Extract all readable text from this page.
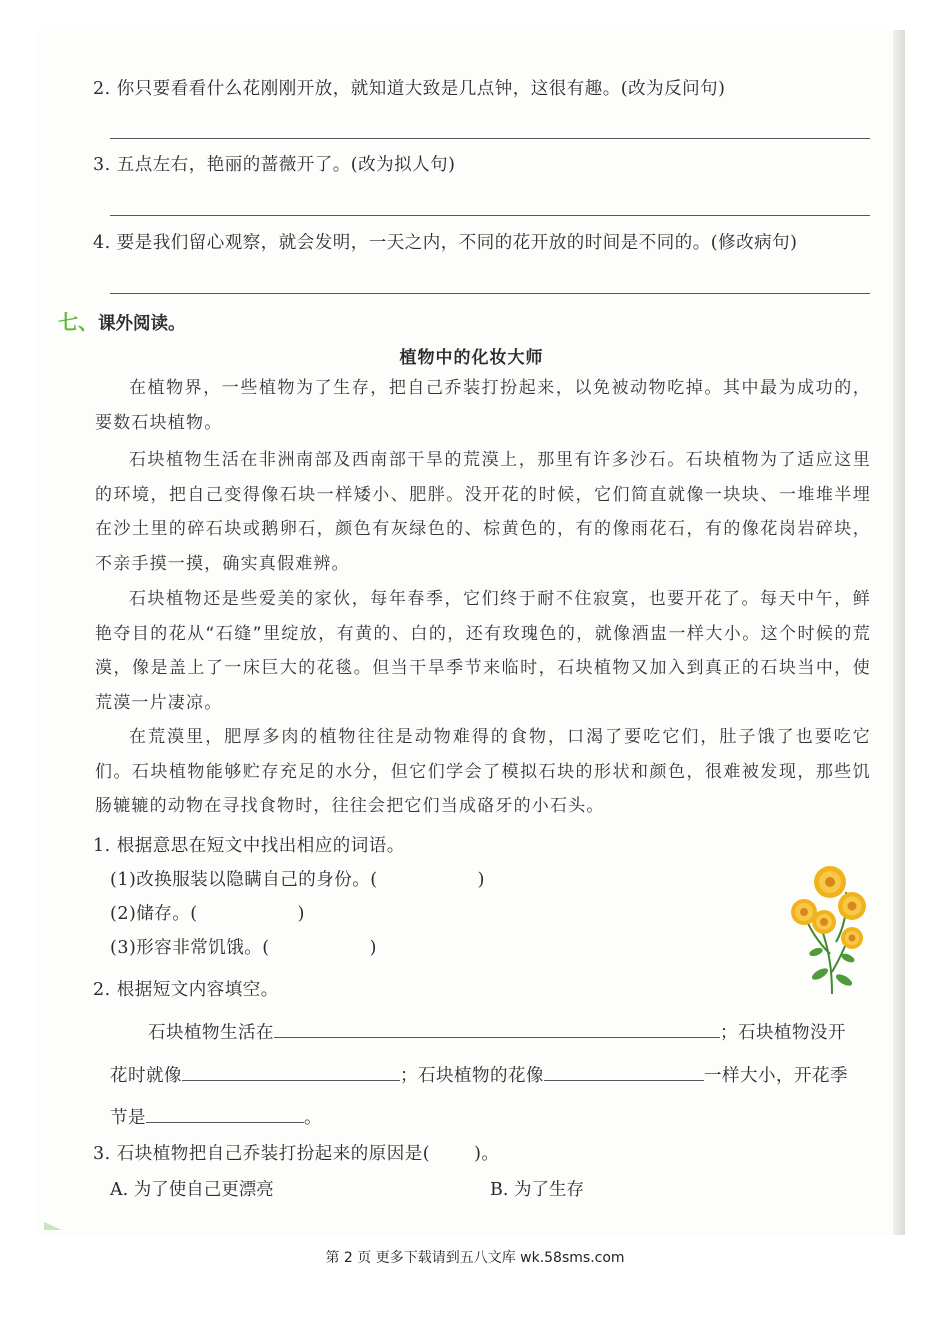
2. 你只要看看什么花刚刚开放，就知道大致是几点钟，这很有趣。(改为反问句)
3. 五点左右，艳丽的蔷薇开了。(改为拟人句)
4. 要是我们留心观察，就会发明，一天之内，不同的花开放的时间是不同的。(修改病句)
七、课外阅读。
植物中的化妆大师
在植物界，一些植物为了生存，把自己乔装打扮起来，以免被动物吃掉。其中最为成功的，要数石块植物。
石块植物生活在非洲南部及西南部干旱的荒漠上，那里有许多沙石。石块植物为了适应这里的环境，把自己变得像石块一样矮小、肥胖。没开花的时候，它们简直就像一块块、一堆堆半埋在沙土里的碎石块或鹅卵石，颜色有灰绿色的、棕黄色的，有的像雨花石，有的像花岗岩碎块，不亲手摸一摸，确实真假难辨。
石块植物还是些爱美的家伙，每年春季，它们终于耐不住寂寞，也要开花了。每天中午，鲜艳夺目的花从“石缝”里绽放，有黄的、白的，还有玫瑰色的，就像酒盅一样大小。这个时候的荒漠，像是盖上了一床巨大的花毯。但当干旱季节来临时，石块植物又加入到真正的石块当中，使荒漠一片凄凉。
在荒漠里，肥厚多肉的植物往往是动物难得的食物，口渴了要吃它们，肚子饿了也要吃它们。石块植物能够贮存充足的水分，但它们学会了模拟石块的形状和颜色，很难被发现，那些饥肠辘辘的动物在寻找食物时，往往会把它们当成硌牙的小石头。
1. 根据意思在短文中找出相应的词语。
(1)改换服装以隐瞒自己的身份。(	)
(2)储存。(	)
(3)形容非常饥饿。(	)
2. 根据短文内容填空。
石块植物生活在	；石块植物没开
花时就像	；石块植物的花像	一样大小，开花季
节是	。
3. 石块植物把自己乔装打扮起来的原因是(	)。
A. 为了使自己更漂亮	B. 为了生存
第 2 页 更多下载请到五八文库 wk.58sms.com
